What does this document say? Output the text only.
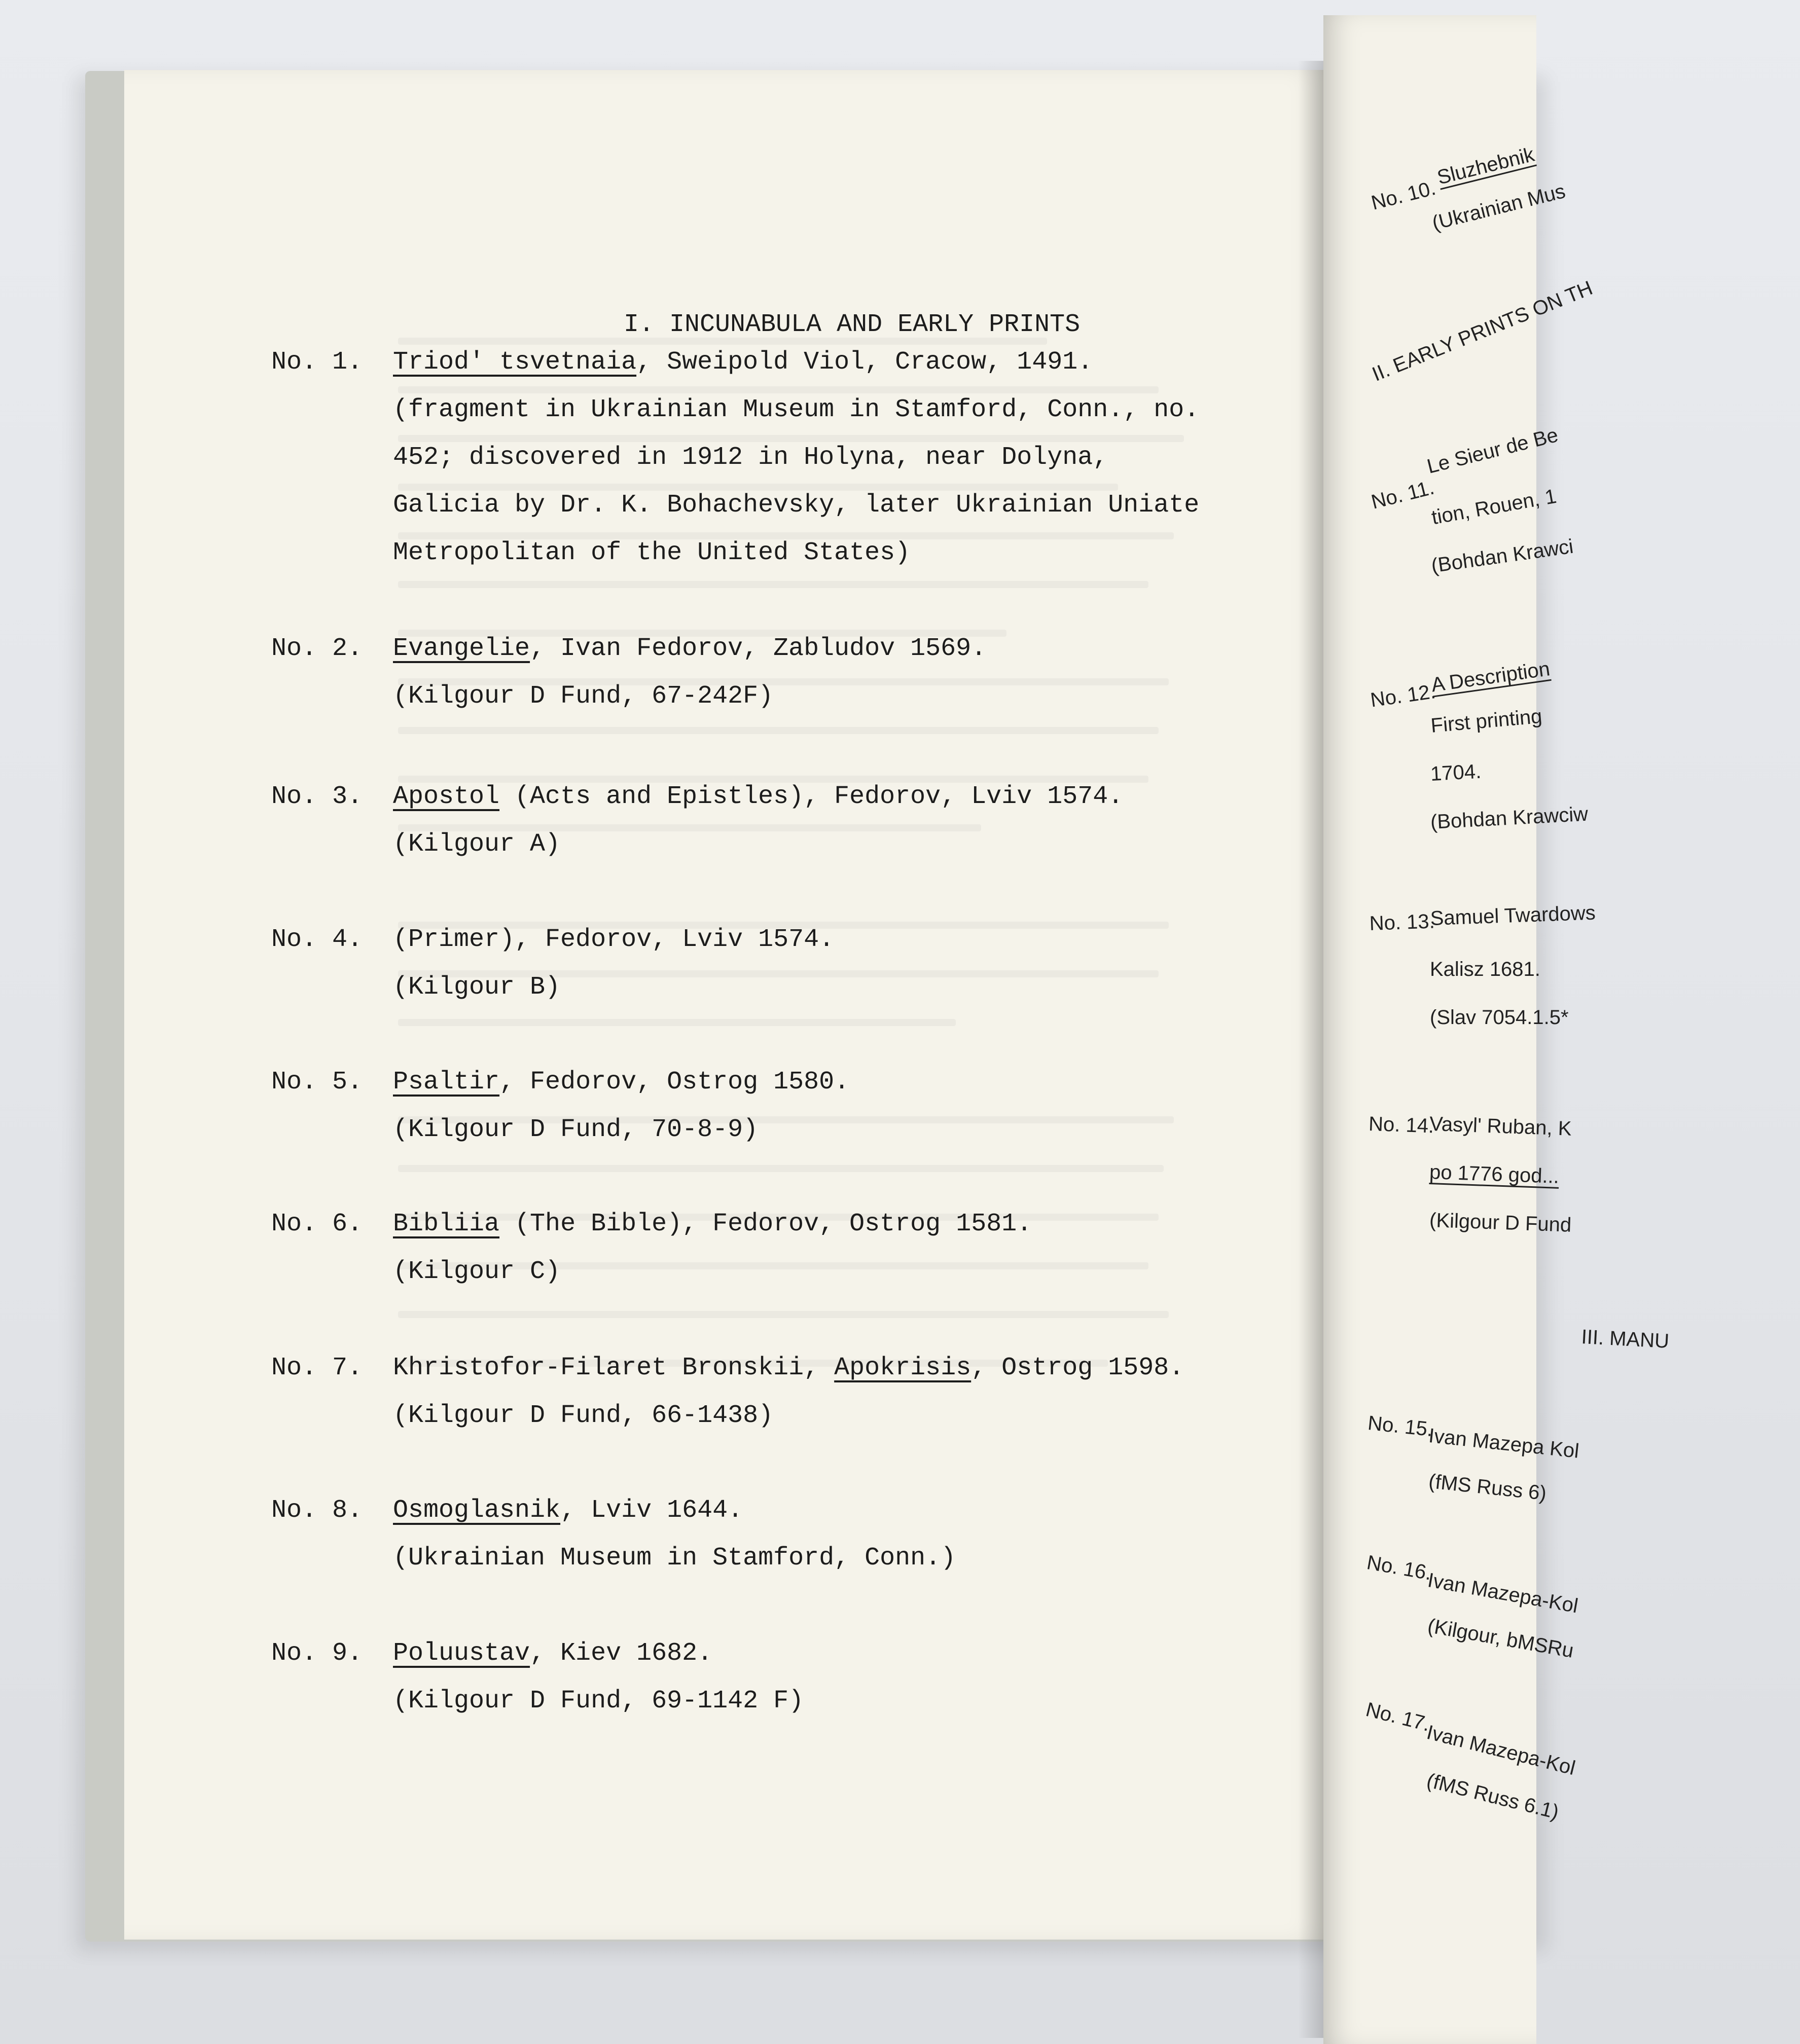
I. INCUNABULA AND EARLY PRINTS
No. 1. Triod' tsvetnaia, Sweipold Viol, Cracow, 1491.
(fragment in Ukrainian Museum in Stamford, Conn., no.
452; discovered in 1912 in Holyna, near Dolyna,
Galicia by Dr. K. Bohachevsky, later Ukrainian Uniate
Metropolitan of the United States)
No. 2. Evangelie, Ivan Fedorov, Zabludov 1569.
(Kilgour D Fund, 67-242F)
No. 3. Apostol (Acts and Epistles), Fedorov, Lviv 1574.
(Kilgour A)
No. 4. (Primer), Fedorov, Lviv 1574.
(Kilgour B)
No. 5. Psaltir, Fedorov, Ostrog 1580.
(Kilgour D Fund, 70-8-9)
No. 6. Bibliia (The Bible), Fedorov, Ostrog 1581.
(Kilgour C)
No. 7. Khristofor-Filaret Bronskii, Apokrisis, Ostrog 1598.
(Kilgour D Fund, 66-1438)
No. 8. Osmoglasnik, Lviv 1644.
(Ukrainian Museum in Stamford, Conn.)
No. 9. Poluustav, Kiev 1682.
(Kilgour D Fund, 69-1142 F)
No. 10.
Sluzhebnik
(Ukrainian Mus
II. EARLY PRINTS ON TH
No. 11.
Le Sieur de Be
tion, Rouen, 1
(Bohdan Krawci
No. 12.
A Description
First printing
1704.
(Bohdan Krawciw
No. 13.
Samuel Twardows
Kalisz 1681.
(Slav 7054.1.5*
No. 14.
Vasyl' Ruban, K
po 1776 god...
(Kilgour D Fund
III. MANU
No. 15.
Ivan Mazepa Kol
(fMS Russ 6)
No. 16.
Ivan Mazepa-Kol
(Kilgour, bMSRu
No. 17.
Ivan Mazepa-Kol
(fMS Russ 6.1)
